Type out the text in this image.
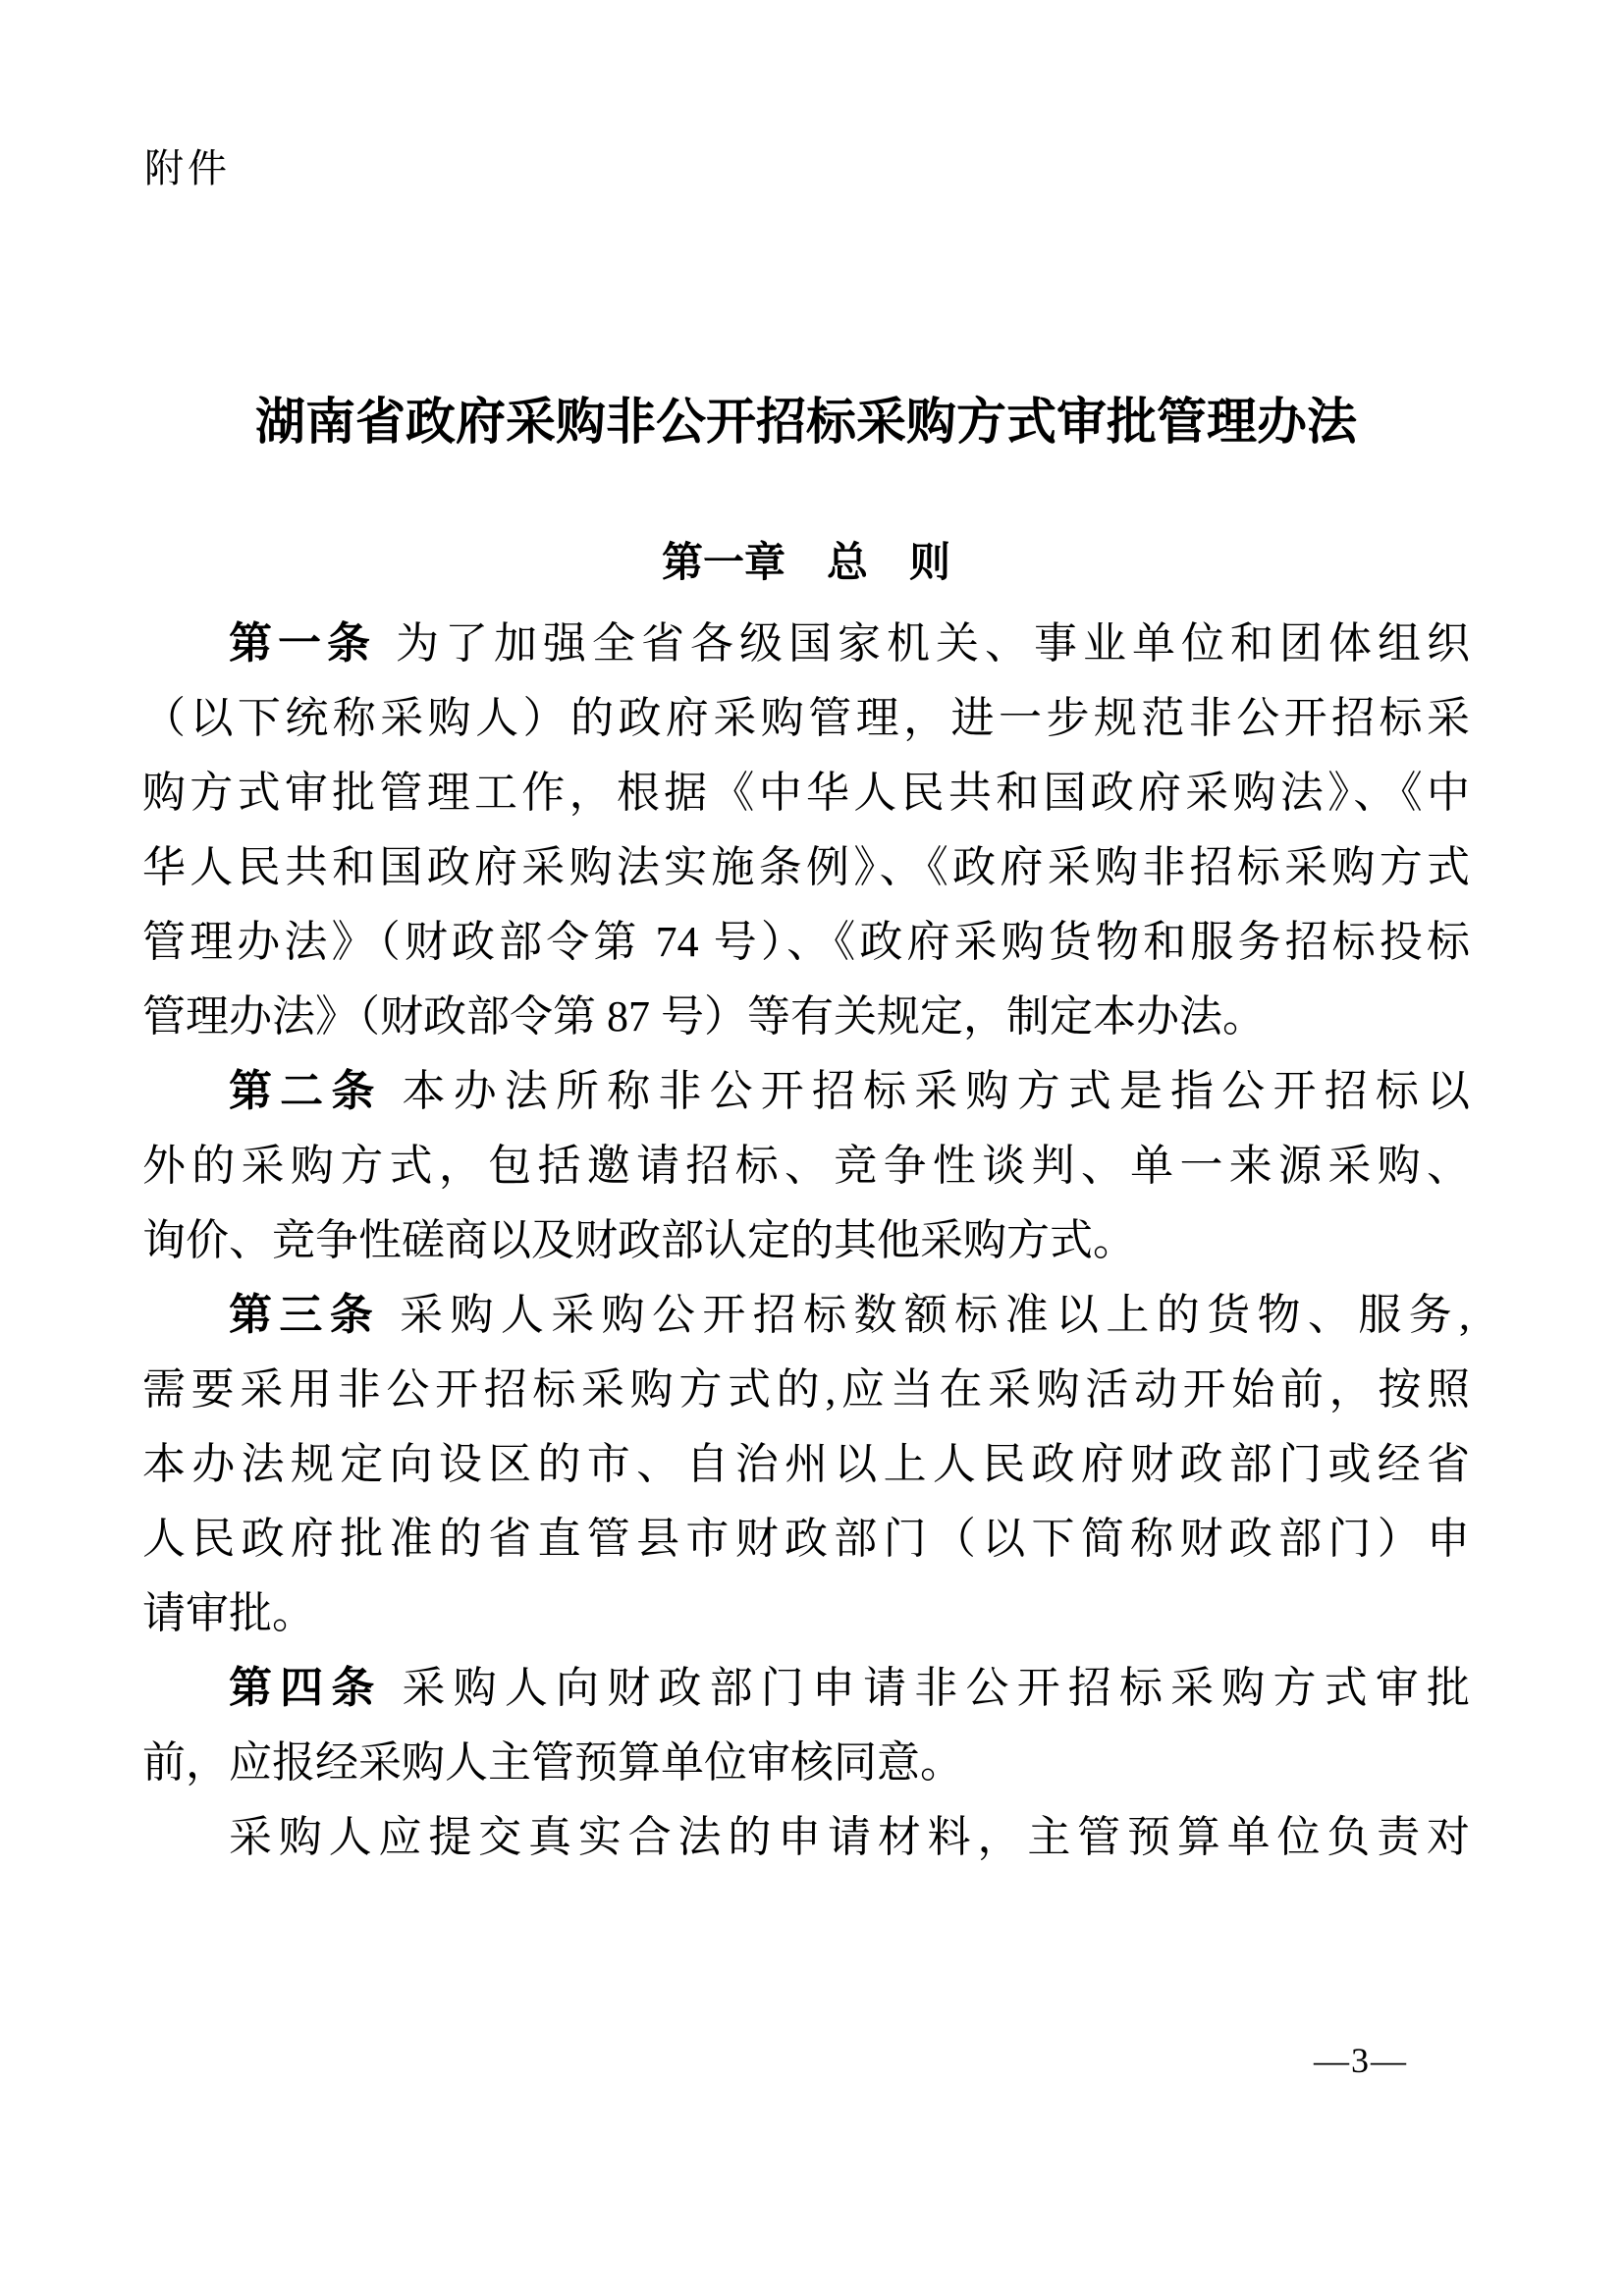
附件
湖南省政府采购非公开招标采购方式审批管理办法
第一章　总　则
第一条 为了加强全省各级国家机关、事业单位和团体组织
（以下统称采购人）的政府采购管理，进一步规范非公开招标采
购方式审批管理工作，根据《中华人民共和国政府采购法》、《中
华人民共和国政府采购法实施条例》、《政府采购非招标采购方式
管理办法》（财政部令第 74 号）、《政府采购货物和服务招标投标
管理办法》（财政部令第 87 号）等有关规定，制定本办法。
第二条 本办法所称非公开招标采购方式是指公开招标以
外的采购方式，包括邀请招标、竞争性谈判、单一来源采购、
询价、竞争性磋商以及财政部认定的其他采购方式。
第三条 采购人采购公开招标数额标准以上的货物、服务,
需要采用非公开招标采购方式的,应当在采购活动开始前，按照
本办法规定向设区的市、自治州以上人民政府财政部门或经省
人民政府批准的省直管县市财政部门（以下简称财政部门）申
请审批。
第四条 采购人向财政部门申请非公开招标采购方式审批
前，应报经采购人主管预算单位审核同意。
采购人应提交真实合法的申请材料，主管预算单位负责对
—3—
